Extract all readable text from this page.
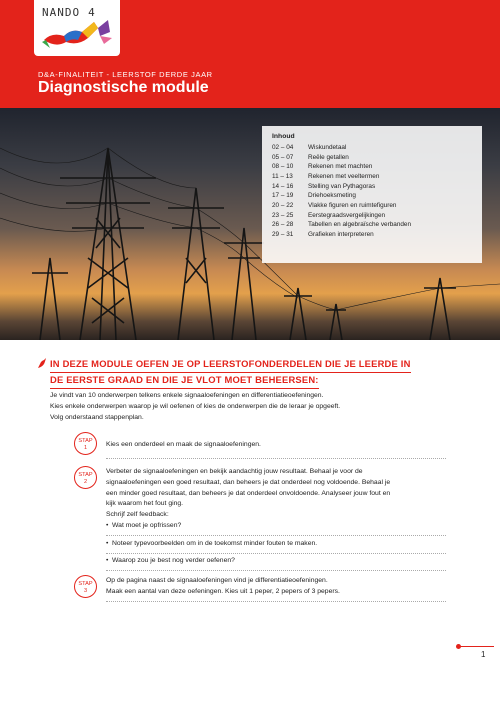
NANDO 4
D&A-FINALITEIT - LEERSTOF DERDE JAAR
Diagnostische module
Inhoud
02 – 04	Wiskundetaal
05 – 07	Reële getallen
08 – 10	Rekenen met machten
11 – 13	Rekenen met veeltermen
14 – 16	Stelling van Pythagoras
17 – 19	Driehoeksmeting
20 – 22	Vlakke figuren en ruimtefiguren
23 – 25	Eerstegraadsvergelijkingen
26 – 28	Tabellen en algebraïsche verbanden
29 – 31	Grafieken interpreteren
IN DEZE MODULE OEFEN JE OP LEERSTOFONDERDELEN DIE JE LEERDE IN
DE EERSTE GRAAD EN DIE JE VLOT MOET BEHEERSEN:
Je vindt van 10 onderwerpen telkens enkele signaaloefeningen en differentiatieoefeningen.
Kies enkele onderwerpen waarop je wil oefenen of kies de onderwerpen die de leraar je opgeeft.
Volg onderstaand stappenplan.
STAP
1	Kies een onderdeel en maak de signaaloefeningen.
STAP
2
Verbeter de signaaloefeningen en bekijk aandachtig jouw resultaat. Behaal je voor de
signaaloefeningen een goed resultaat, dan beheers je dat onderdeel nog voldoende. Behaal je
een minder goed resultaat, dan beheers je dat onderdeel onvoldoende. Analyseer jouw fout en
kijk waarom het fout ging.
Schrijf zelf feedback:
• Wat moet je opfrissen?
• Noteer typevoorbeelden om in de toekomst minder fouten te maken.
• Waarop zou je best nog verder oefenen?
STAP
3
Op de pagina naast de signaaloefeningen vind je differentiatieoefeningen.
Maak een aantal van deze oefeningen. Kies uit 1 peper, 2 pepers of 3 pepers.
1
